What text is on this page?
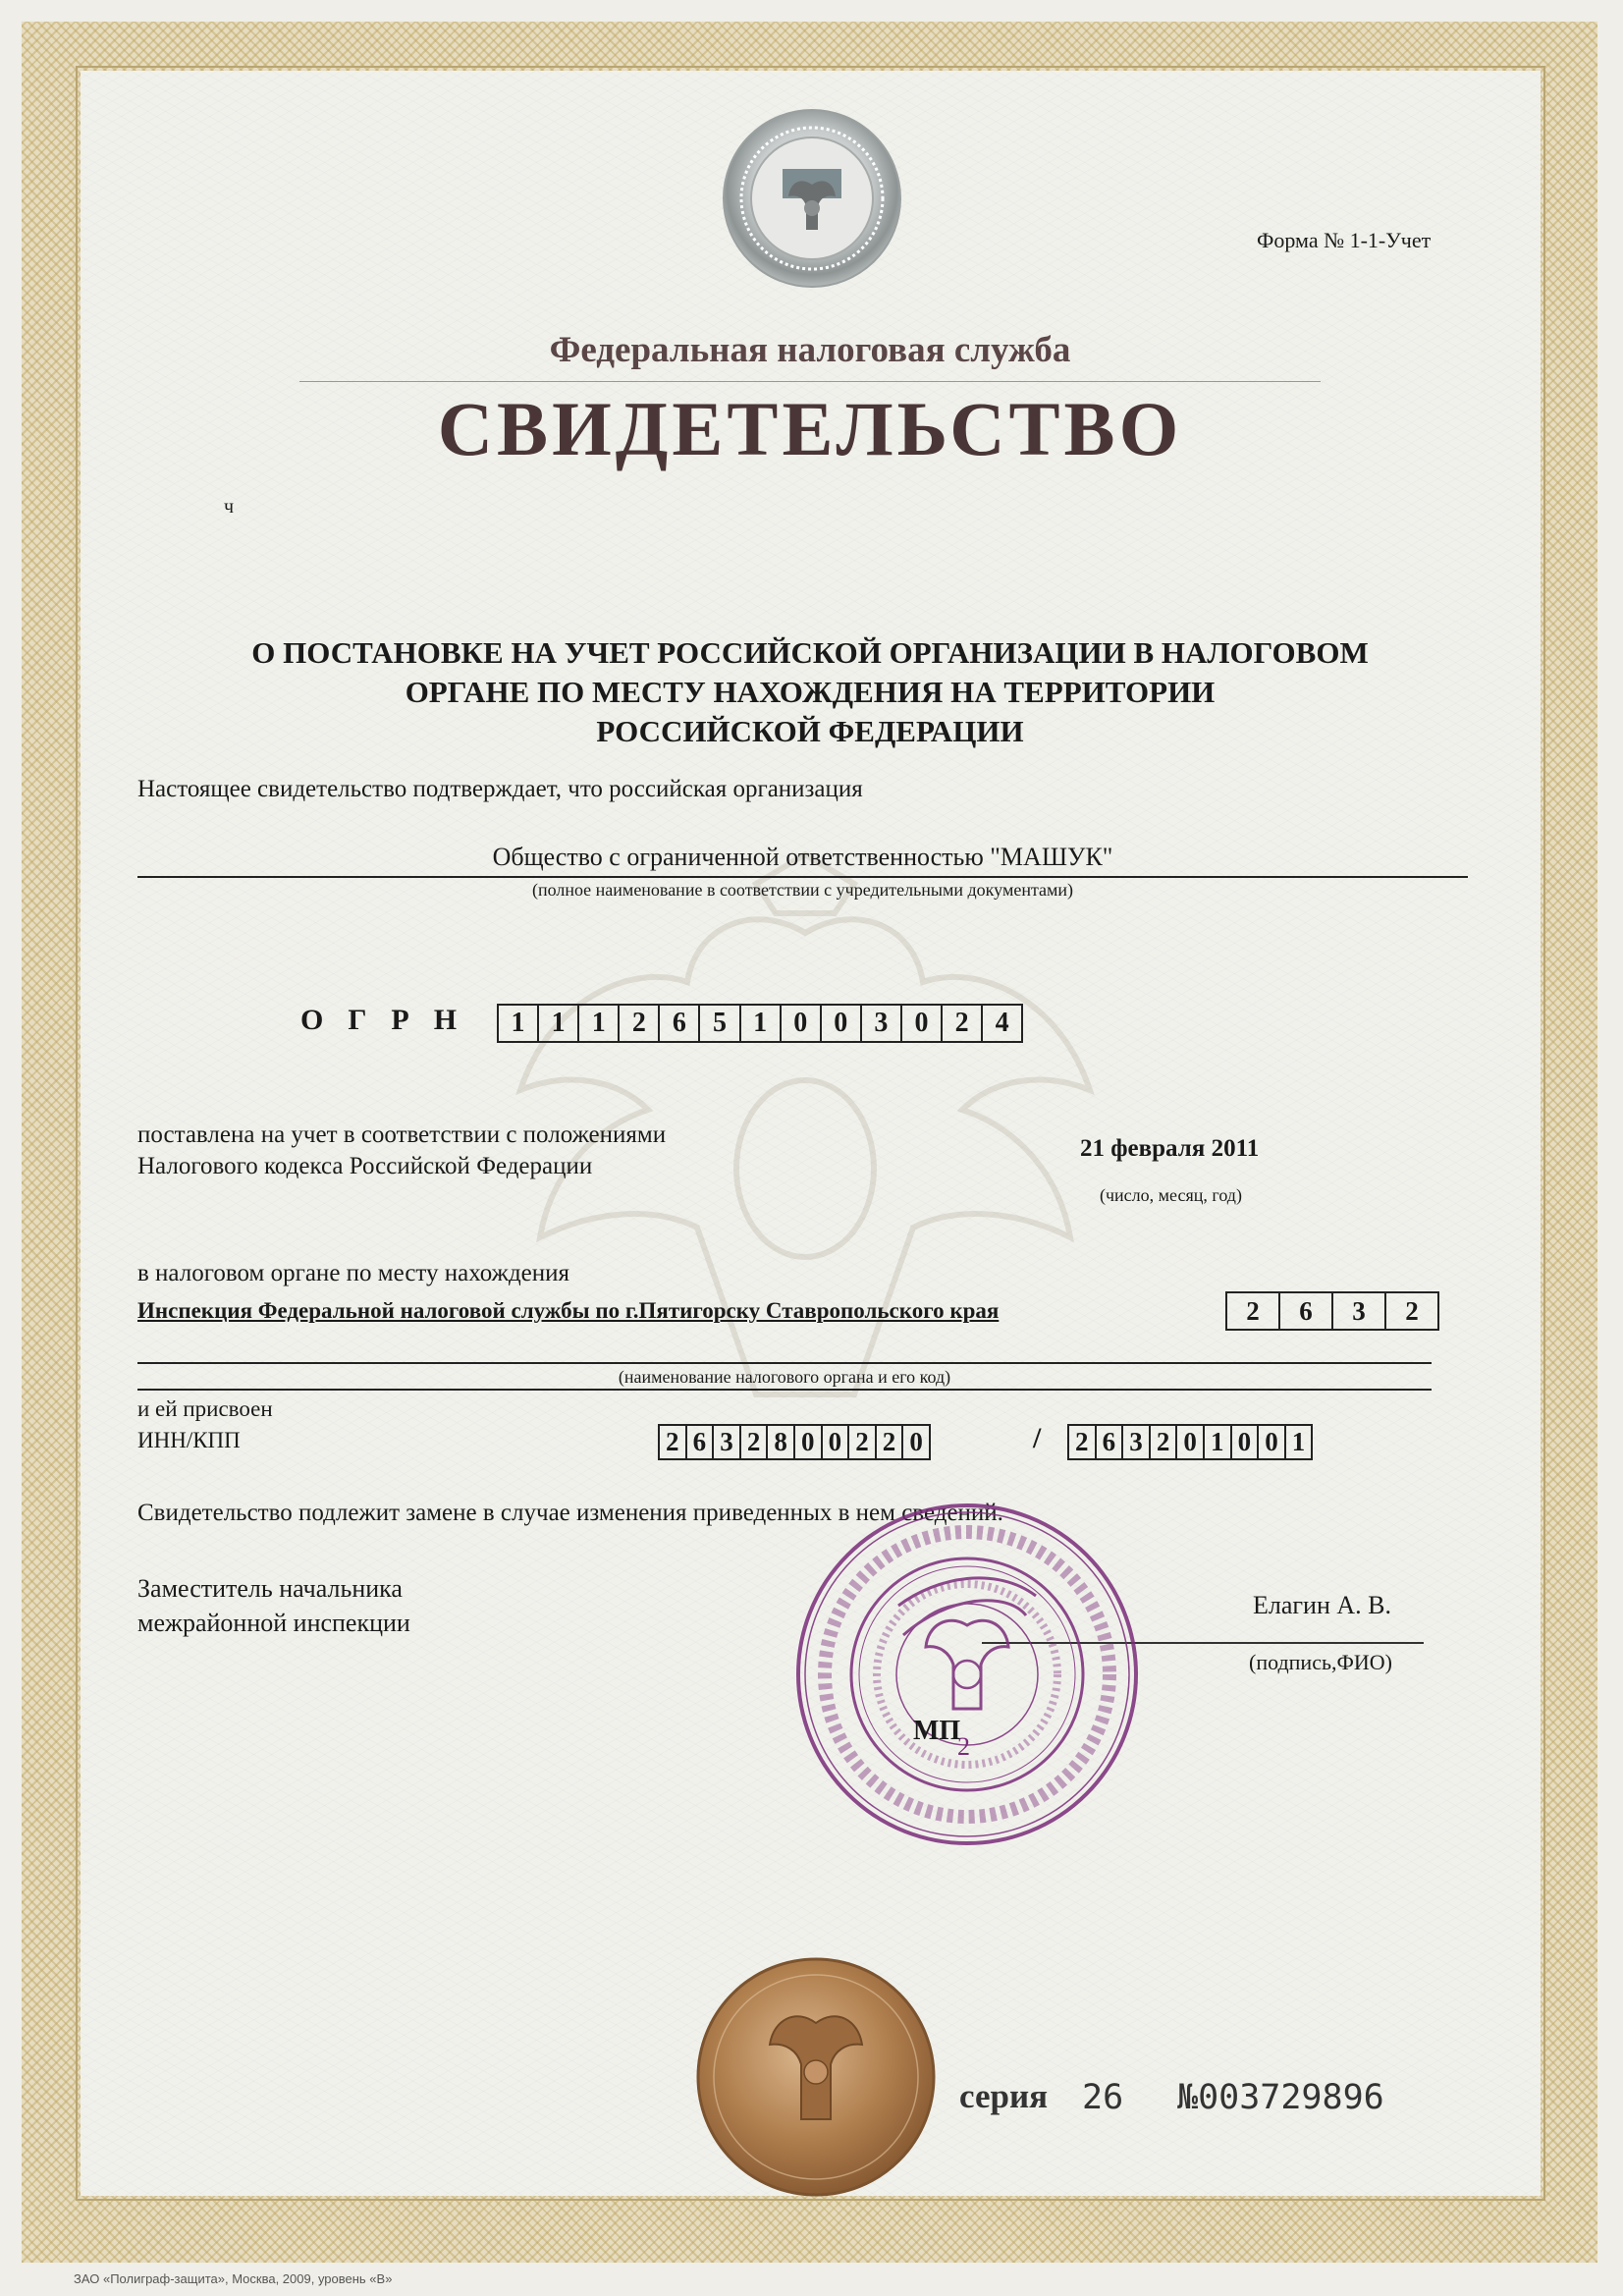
Форма № 1-1-Учет
Федеральная налоговая служба
СВИДЕТЕЛЬСТВО
ч
О ПОСТАНОВКЕ НА УЧЕТ РОССИЙСКОЙ ОРГАНИЗАЦИИ В НАЛОГОВОМ
ОРГАНЕ ПО МЕСТУ НАХОЖДЕНИЯ НА ТЕРРИТОРИИ
РОССИЙСКОЙ ФЕДЕРАЦИИ
Настоящее свидетельство подтверждает, что российская организация
Общество с ограниченной ответственностью "МАШУК"
(полное наименование в соответствии с учредительными документами)
ОГРН	1 1 1 2 6 5 1 0 0 3 0 2 4
поставлена на учет в соответствии с положениями
Налогового кодекса Российской Федерации
21 февраля 2011
(число, месяц, год)
в налоговом органе по месту нахождения
Инспекция Федеральной налоговой службы по г.Пятигорску Ставропольского края	2	6	3	2
(наименование налогового органа и его код)
и ей присвоен
ИНН/КПП	2 6 3 2 8 0 0 2 2 0	/ 2 6 3 2 0 1 0 0 1
Свидетельство подлежит замене в случае изменения приведенных в нем сведений.
Заместитель начальника
межрайонной инспекции
Елагин А. В.
(подпись,ФИО)
2
МП
серия 26 №003729896
ЗАО «Полиграф-защита», Москва, 2009, уровень «В»
